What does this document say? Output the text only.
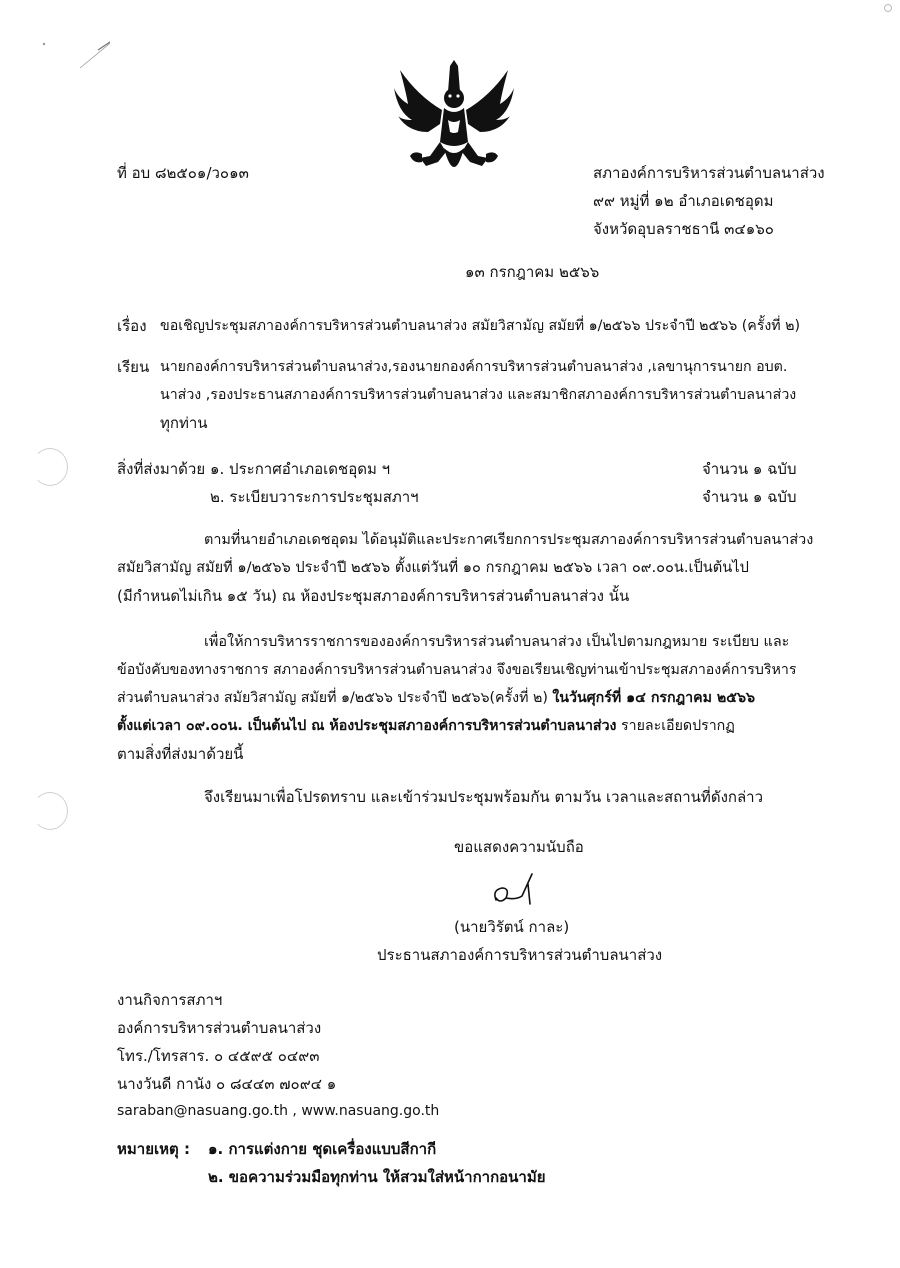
ที่ อบ ๘๒๕๐๑/ว๐๑๓	สภาองค์การบริหารส่วนตำบลนาส่วง
๙๙ หมู่ที่ ๑๒ อำเภอเดชอุดม
จังหวัดอุบลราชธานี ๓๔๑๖๐
๑๓ กรกฎาคม ๒๕๖๖
เรื่อง ขอเชิญประชุมสภาองค์การบริหารส่วนตำบลนาส่วง สมัยวิสามัญ สมัยที่ ๑/๒๕๖๖ ประจำปี ๒๕๖๖ (ครั้งที่ ๒)
เรียน นายกองค์การบริหารส่วนตำบลนาส่วง,รองนายกองค์การบริหารส่วนตำบลนาส่วง ,เลขานุการนายก อบต.
นาส่วง ,รองประธานสภาองค์การบริหารส่วนตำบลนาส่วง และสมาชิกสภาองค์การบริหารส่วนตำบลนาส่วง
ทุกท่าน
สิ่งที่ส่งมาด้วย ๑. ประกาศอำเภอเดชอุดม ฯ	จำนวน ๑ ฉบับ
๒. ระเบียบวาระการประชุมสภาฯ	จำนวน ๑ ฉบับ
ตามที่นายอำเภอเดชอุดม ได้อนุมัติและประกาศเรียกการประชุมสภาองค์การบริหารส่วนตำบลนาส่วง
สมัยวิสามัญ สมัยที่ ๑/๒๕๖๖ ประจำปี ๒๕๖๖ ตั้งแต่วันที่ ๑๐ กรกฎาคม ๒๕๖๖ เวลา ๐๙.๐๐น.เป็นต้นไป
(มีกำหนดไม่เกิน ๑๕ วัน) ณ ห้องประชุมสภาองค์การบริหารส่วนตำบลนาส่วง นั้น
เพื่อให้การบริหารราชการขององค์การบริหารส่วนตำบลนาส่วง เป็นไปตามกฎหมาย ระเบียบ และ
ข้อบังคับของทางราชการ สภาองค์การบริหารส่วนตำบลนาส่วง จึงขอเรียนเชิญท่านเข้าประชุมสภาองค์การบริหาร
ส่วนตำบลนาส่วง สมัยวิสามัญ สมัยที่ ๑/๒๕๖๖ ประจำปี ๒๕๖๖(ครั้งที่ ๒) ในวันศุกร์ที่ ๑๔ กรกฎาคม ๒๕๖๖
ตั้งแต่เวลา ๐๙.๐๐น. เป็นต้นไป ณ ห้องประชุมสภาองค์การบริหารส่วนตำบลนาส่วง รายละเอียดปรากฏ
ตามสิ่งที่ส่งมาด้วยนี้
จึงเรียนมาเพื่อโปรดทราบ และเข้าร่วมประชุมพร้อมกัน ตามวัน เวลาและสถานที่ดังกล่าว
ขอแสดงความนับถือ
(นายวิรัตน์ กาละ)
ประธานสภาองค์การบริหารส่วนตำบลนาส่วง
งานกิจการสภาฯ
องค์การบริหารส่วนตำบลนาส่วง
โทร./โทรสาร. ๐ ๔๕๙๕ ๐๔๙๓
นางวันดี กานัง ๐ ๘๔๔๓ ๗๐๙๔ ๑
saraban@nasuang.go.th , www.nasuang.go.th
หมายเหตุ : ๑. การแต่งกาย ชุดเครื่องแบบสีกากี
๒. ขอความร่วมมือทุกท่าน ให้สวมใส่หน้ากากอนามัย
